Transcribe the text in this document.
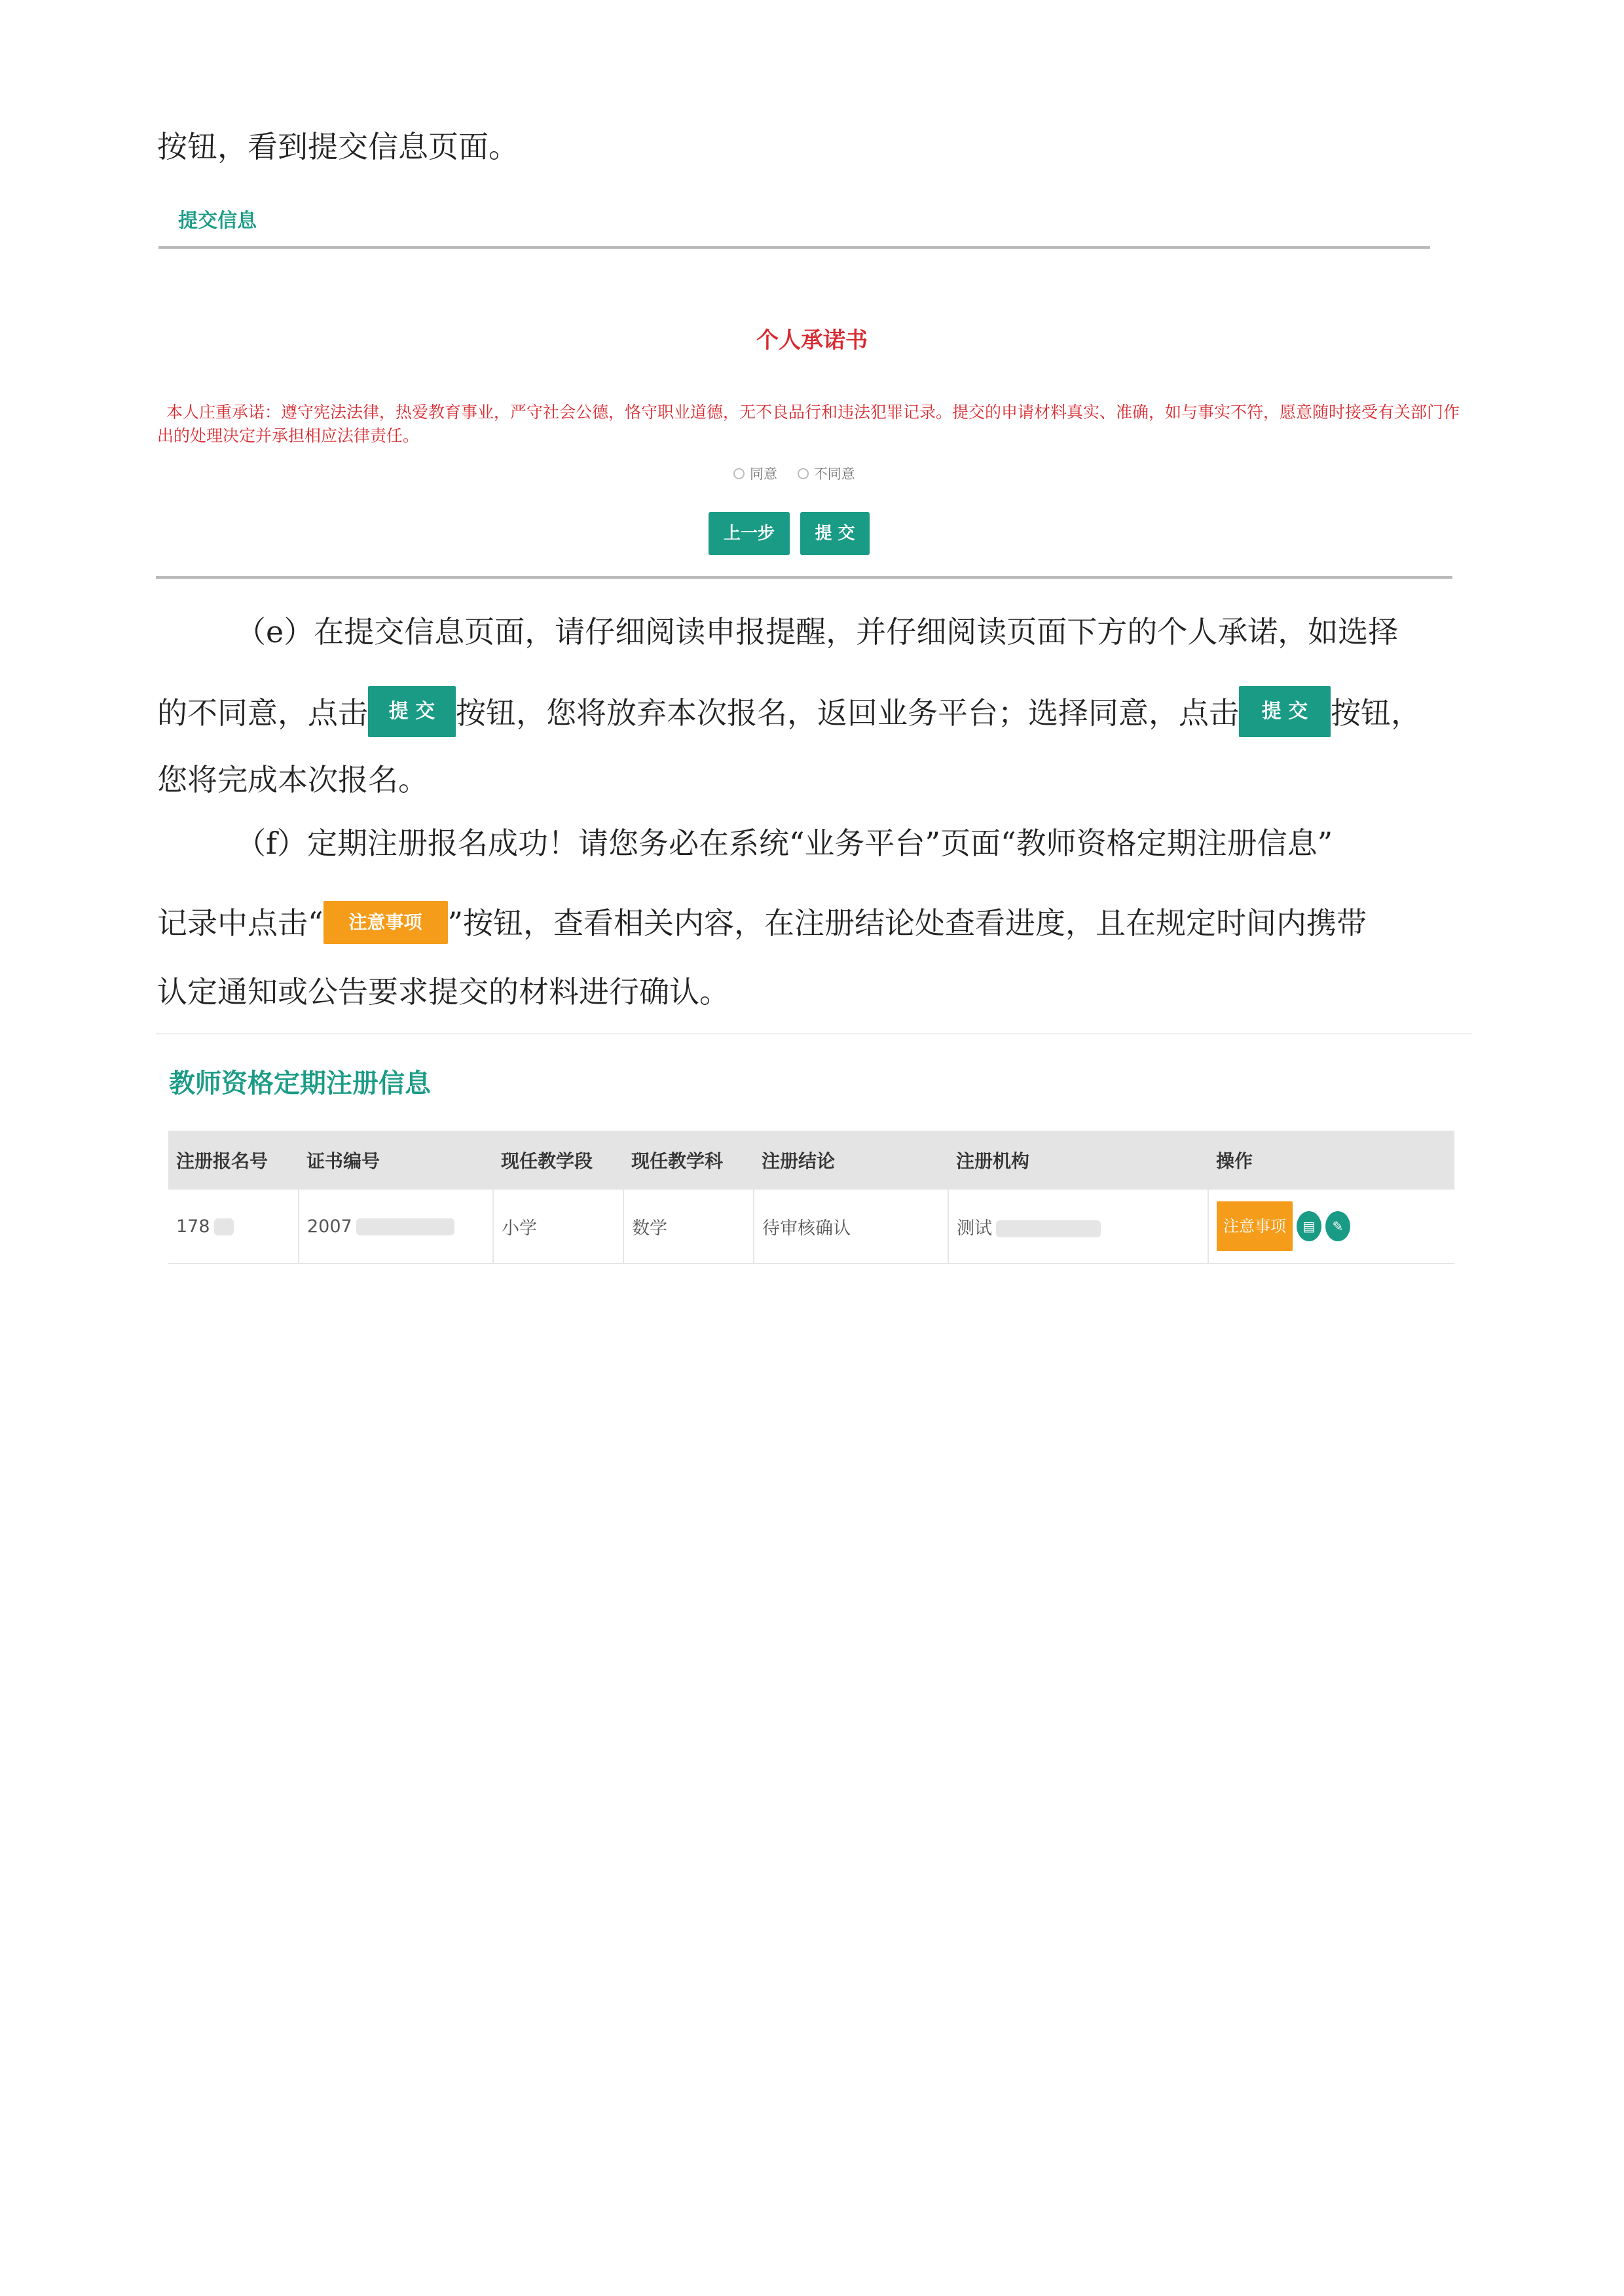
按钮，看到提交信息页面。
提交信息
个人承诺书
本人庄重承诺：遵守宪法法律，热爱教育事业，严守社会公德，恪守职业道德，无不良品行和违法犯罪记录。提交的申请材料真实、准确，如与事实不符，愿意随时接受有关部门作出的处理决定并承担相应法律责任。
同意	不同意
上一步	提 交
（e）在提交信息页面，请仔细阅读申报提醒，并仔细阅读页面下方的个人承诺，如选择
的不同意，点击 提 交 按钮，您将放弃本次报名，返回业务平台；选择同意，点击 提 交 按钮，
您将完成本次报名。
（f）定期注册报名成功！请您务必在系统“业务平台”页面“教师资格定期注册信息”
记录中点击“ 注意事项 ”按钮，查看相关内容，在注册结论处查看进度，且在规定时间内携带
认定通知或公告要求提交的材料进行确认。
教师资格定期注册信息
注册报名号	证书编号	现任教学段	现任教学科	注册结论	注册机构	操作
178	2007	小学	数学	待审核确认	测试	注意事项 ▤ ✎
